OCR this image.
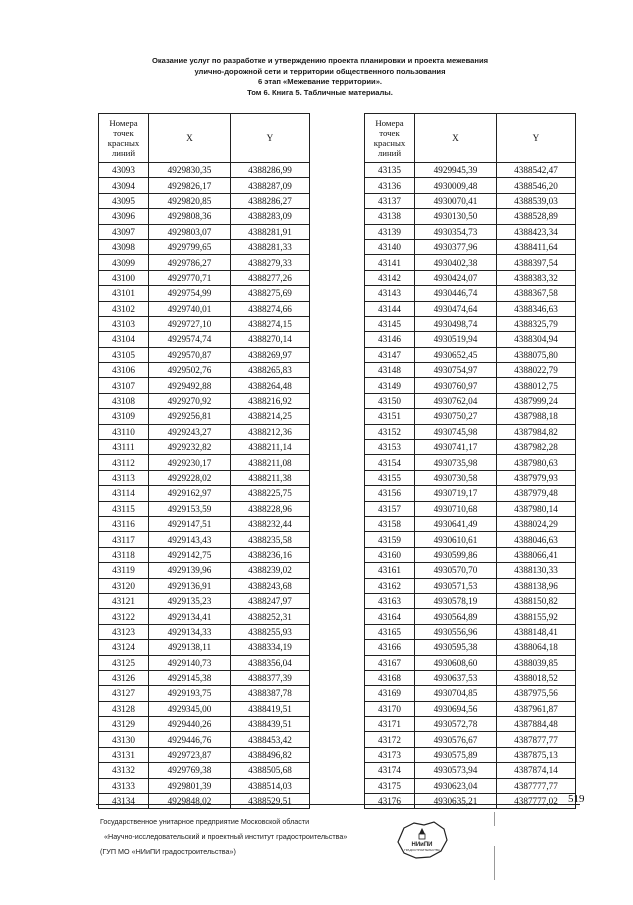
Оказание услуг по разработке и утверждению проекта планировки и проекта межевания
улично-дорожной сети и территории общественного пользования
6 этап «Межевание территории».
Том 6. Книга 5. Табличные материалы.
Номера точек красных линий	X	Y
43093	4929830,35	4388286,99
43094	4929826,17	4388287,09
43095	4929820,85	4388286,27
43096	4929808,36	4388283,09
43097	4929803,07	4388281,91
43098	4929799,65	4388281,33
43099	4929786,27	4388279,33
43100	4929770,71	4388277,26
43101	4929754,99	4388275,69
43102	4929740,01	4388274,66
43103	4929727,10	4388274,15
43104	4929574,74	4388270,14
43105	4929570,87	4388269,97
43106	4929502,76	4388265,83
43107	4929492,88	4388264,48
43108	4929270,92	4388216,92
43109	4929256,81	4388214,25
43110	4929243,27	4388212,36
43111	4929232,82	4388211,14
43112	4929230,17	4388211,08
43113	4929228,02	4388211,38
43114	4929162,97	4388225,75
43115	4929153,59	4388228,96
43116	4929147,51	4388232,44
43117	4929143,43	4388235,58
43118	4929142,75	4388236,16
43119	4929139,96	4388239,02
43120	4929136,91	4388243,68
43121	4929135,23	4388247,97
43122	4929134,41	4388252,31
43123	4929134,33	4388255,93
43124	4929138,11	4388334,19
43125	4929140,73	4388356,04
43126	4929145,38	4388377,39
43127	4929193,75	4388387,78
43128	4929345,00	4388419,51
43129	4929440,26	4388439,51
43130	4929446,76	4388453,42
43131	4929723,87	4388496,82
43132	4929769,38	4388505,68
43133	4929801,39	4388514,03
43134	4929848,02	4388529,51
Номера точек красных линий	X	Y
43135	4929945,39	4388542,47
43136	4930009,48	4388546,20
43137	4930070,41	4388539,03
43138	4930130,50	4388528,89
43139	4930354,73	4388423,34
43140	4930377,96	4388411,64
43141	4930402,38	4388397,54
43142	4930424,07	4388383,32
43143	4930446,74	4388367,58
43144	4930474,64	4388346,63
43145	4930498,74	4388325,79
43146	4930519,94	4388304,94
43147	4930652,45	4388075,80
43148	4930754,97	4388022,79
43149	4930760,97	4388012,75
43150	4930762,04	4387999,24
43151	4930750,27	4387988,18
43152	4930745,98	4387984,82
43153	4930741,17	4387982,28
43154	4930735,98	4387980,63
43155	4930730,58	4387979,93
43156	4930719,17	4387979,48
43157	4930710,68	4387980,14
43158	4930641,49	4388024,29
43159	4930610,61	4388046,63
43160	4930599,86	4388066,41
43161	4930570,70	4388130,33
43162	4930571,53	4388138,96
43163	4930578,19	4388150,82
43164	4930564,89	4388155,92
43165	4930556,96	4388148,41
43166	4930595,38	4388064,18
43167	4930608,60	4388039,85
43168	4930637,53	4388018,52
43169	4930704,85	4387975,56
43170	4930694,56	4387961,87
43171	4930572,78	4387884,48
43172	4930576,67	4387877,77
43173	4930575,89	4387875,13
43174	4930573,94	4387874,14
43175	4930623,04	4387777,77
43176	4930635,21	4387777,02 519
Государственное унитарное предприятие Московской области
«Научно-исследовательский и проектный институт градостроительства»
(ГУП МО «НИиПИ градостроительства»)
НИиПИ
ГРАДОСТРОИТЕЛЬСТВА
